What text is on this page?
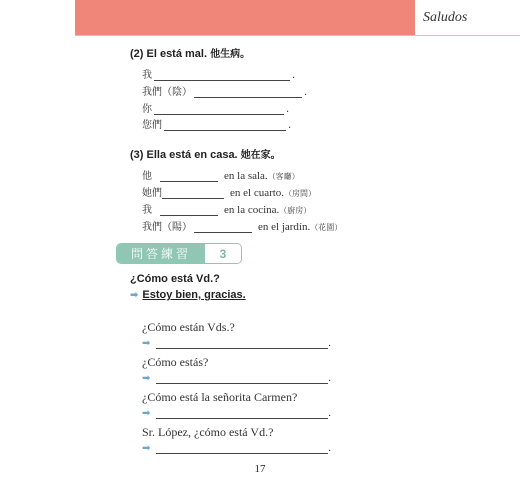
Saludos
(2) El está mal. 他生病。
我	.
我們（陰）	.
你	.
您們	.
(3) Ella está en casa. 她在家。
他	en la sala. （客廳）
她們	en el cuarto. （房間）
我	en la cocina. （廚房）
我們（陽）	en el jardín. （花園）
問答練習	3
¿Cómo está Vd.?
➡ Estoy bien, gracias.
¿Cómo están Vds.?
➡	.
¿Cómo estás?
➡	.
¿Cómo está la señorita Carmen?
➡	.
Sr. López, ¿cómo está Vd.?
➡	.
17
